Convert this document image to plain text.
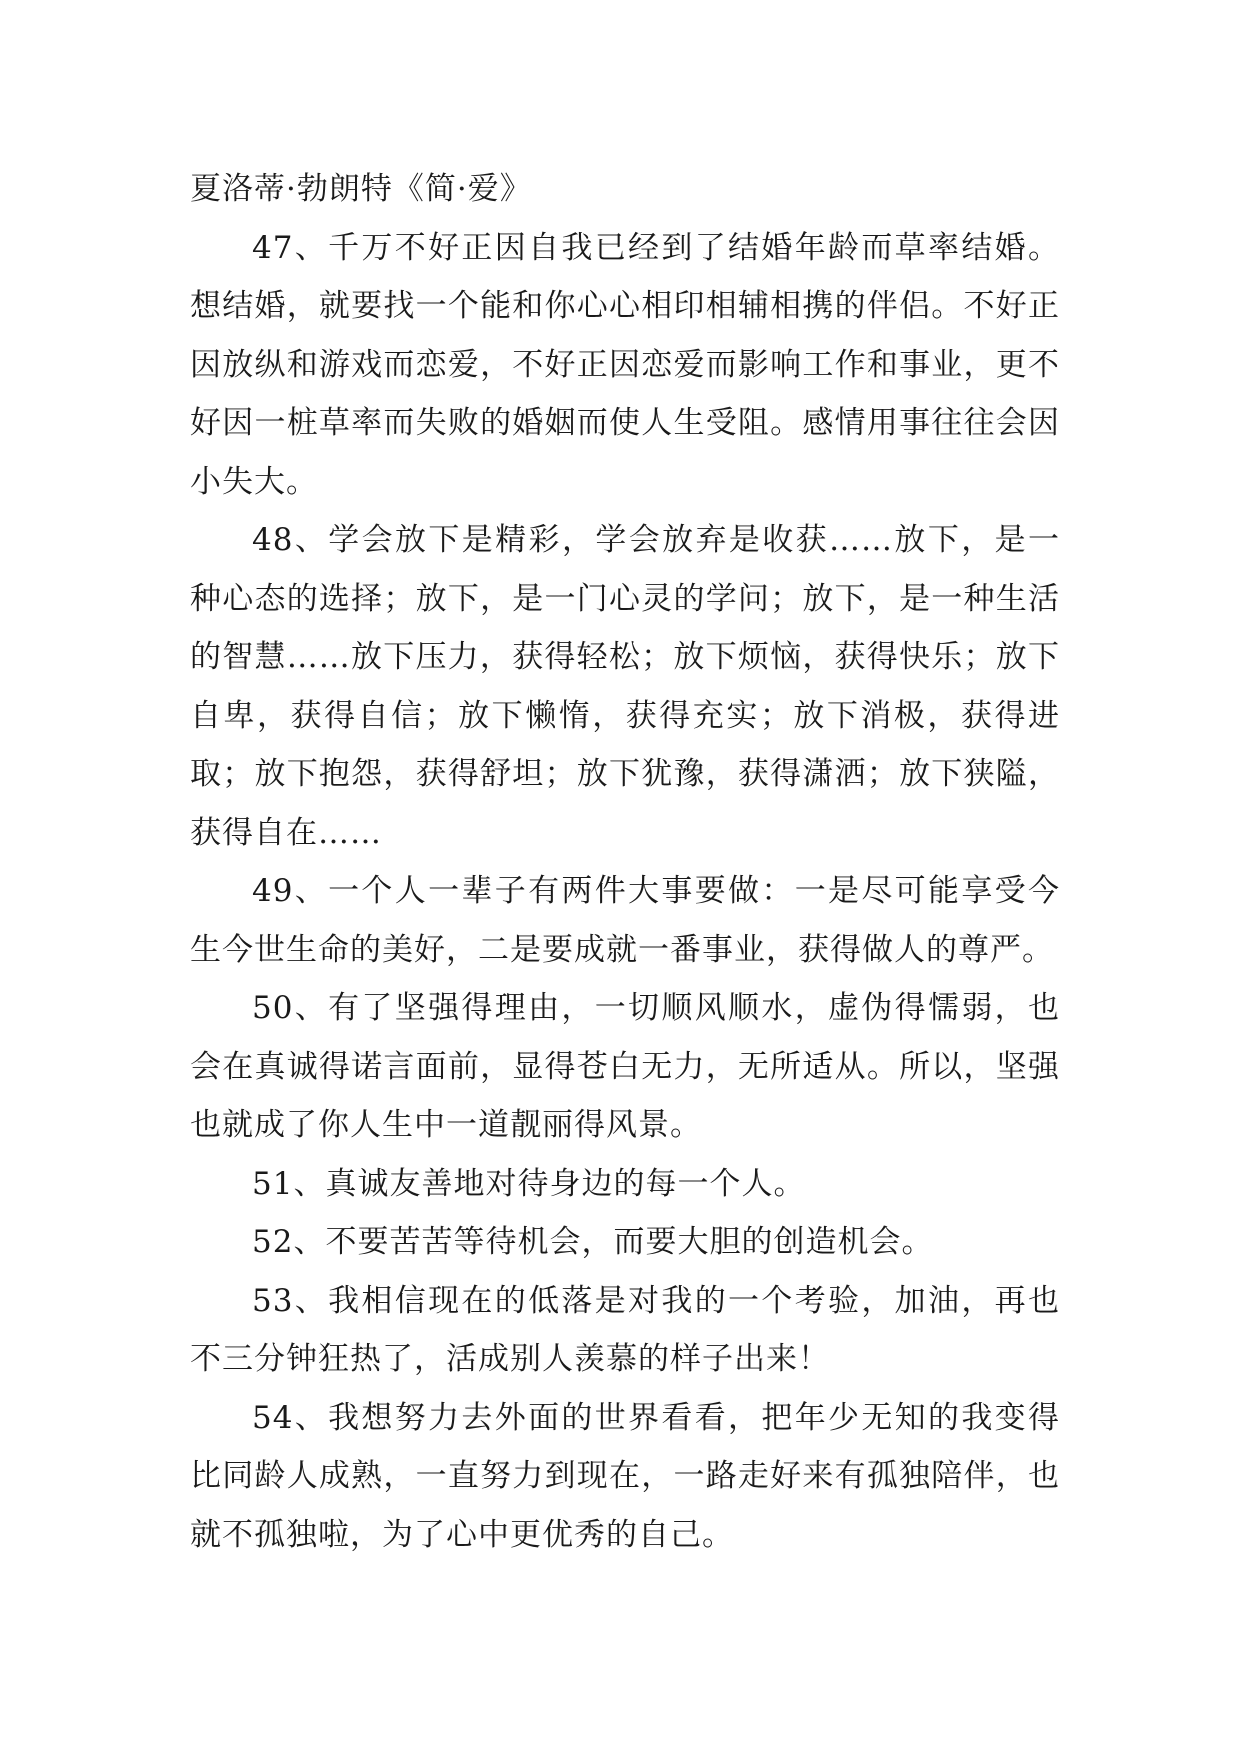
夏洛蒂·勃朗特《简·爱》

47、千万不好正因自我已经到了结婚年龄而草率结婚。想结婚，就要找一个能和你心心相印相辅相携的伴侣。不好正因放纵和游戏而恋爱，不好正因恋爱而影响工作和事业，更不好因一桩草率而失败的婚姻而使人生受阻。感情用事往往会因小失大。

48、学会放下是精彩，学会放弃是收获……放下，是一种心态的选择；放下，是一门心灵的学问；放下，是一种生活的智慧……放下压力，获得轻松；放下烦恼，获得快乐；放下自卑，获得自信；放下懒惰，获得充实；放下消极，获得进取；放下抱怨，获得舒坦；放下犹豫，获得潇洒；放下狭隘，获得自在……

49、一个人一辈子有两件大事要做：一是尽可能享受今生今世生命的美好，二是要成就一番事业，获得做人的尊严。

50、有了坚强得理由，一切顺风顺水，虚伪得懦弱，也会在真诚得诺言面前，显得苍白无力，无所适从。所以，坚强也就成了你人生中一道靓丽得风景。

51、真诚友善地对待身边的每一个人。

52、不要苦苦等待机会，而要大胆的创造机会。

53、我相信现在的低落是对我的一个考验，加油，再也不三分钟狂热了，活成别人羡慕的样子出来！

54、我想努力去外面的世界看看，把年少无知的我变得比同龄人成熟，一直努力到现在，一路走好来有孤独陪伴，也就不孤独啦，为了心中更优秀的自己。
